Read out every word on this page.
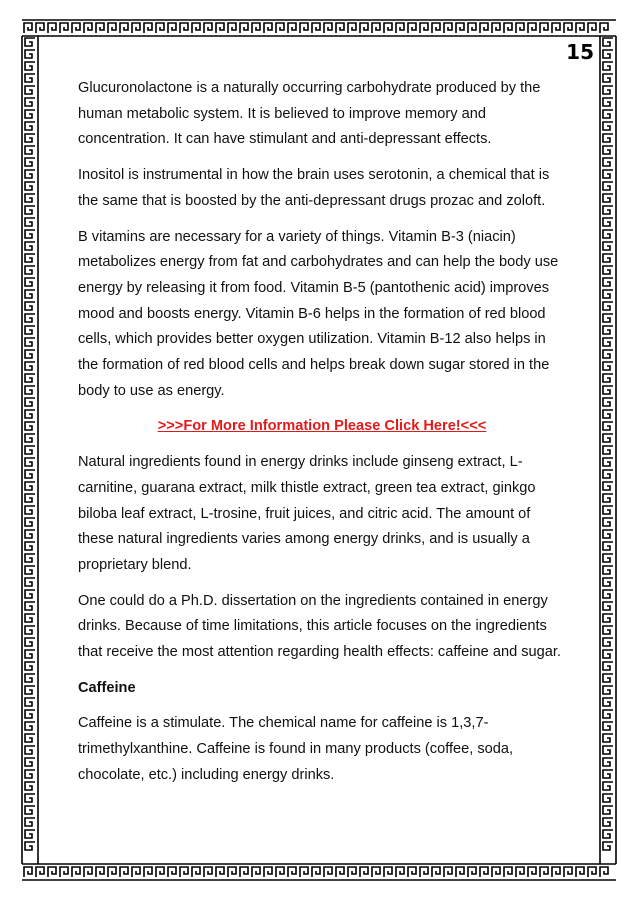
15

Glucuronolactone is a naturally occurring carbohydrate produced by the human metabolic system. It is believed to improve memory and concentration. It can have stimulant and anti-depressant effects.

Inositol is instrumental in how the brain uses serotonin, a chemical that is the same that is boosted by the anti-depressant drugs prozac and zoloft.

B vitamins are necessary for a variety of things. Vitamin B-3 (niacin) metabolizes energy from fat and carbohydrates and can help the body use energy by releasing it from food. Vitamin B-5 (pantothenic acid) improves mood and boosts energy. Vitamin B-6 helps in the formation of red blood cells, which provides better oxygen utilization. Vitamin B-12 also helps in the formation of red blood cells and helps break down sugar stored in the body to use as energy.

>>>For More Information Please Click Here!<<<

Natural ingredients found in energy drinks include ginseng extract, L-carnitine, guarana extract, milk thistle extract, green tea extract, ginkgo biloba leaf extract, L-trosine, fruit juices, and citric acid. The amount of these natural ingredients varies among energy drinks, and is usually a proprietary blend.

One could do a Ph.D. dissertation on the ingredients contained in energy drinks. Because of time limitations, this article focuses on the ingredients that receive the most attention regarding health effects: caffeine and sugar.

Caffeine

Caffeine is a stimulate. The chemical name for caffeine is 1,3,7-trimethylxanthine. Caffeine is found in many products (coffee, soda, chocolate, etc.) including energy drinks.
